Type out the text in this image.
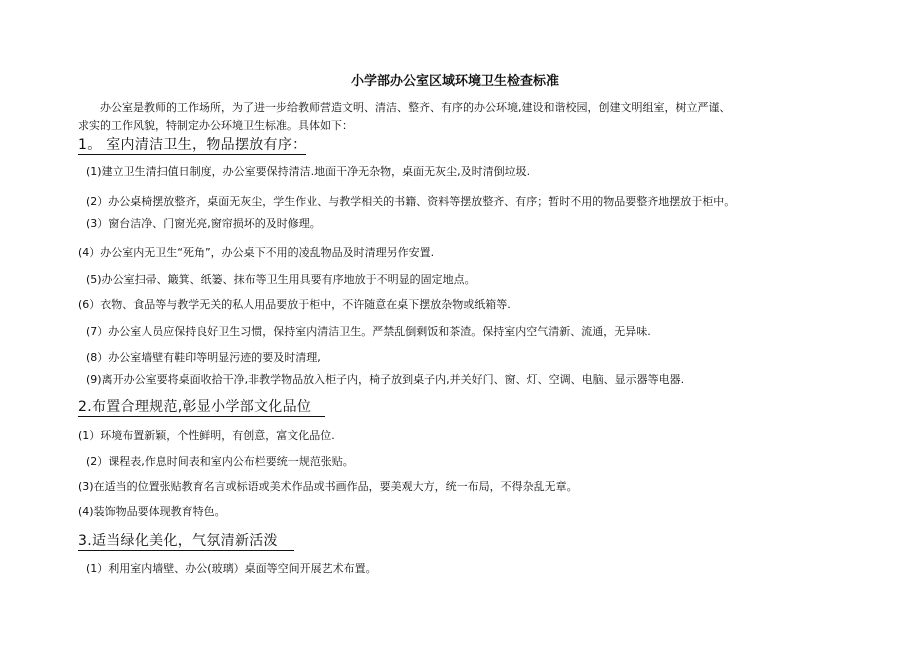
小学部办公室区域环境卫生检查标准
办公室是教师的工作场所，为了进一步给教师营造文明、清洁、整齐、有序的办公环境,建设和谐校园，创建文明组室，树立严谨、
求实的工作风貌，特制定办公环境卫生标准。具体如下：
1。 室内清洁卫生，物品摆放有序：
(1)建立卫生清扫值日制度，办公室要保持清洁.地面干净无杂物，桌面无灰尘,及时清倒垃圾.
(2）办公桌椅摆放整齐，桌面无灰尘，学生作业、与教学相关的书籍、资料等摆放整齐、有序；暂时不用的物品要整齐地摆放于柜中。
(3）窗台洁净、门窗光亮,窗帘损坏的及时修理。
(4）办公室内无卫生“死角”，办公桌下不用的凌乱物品及时清理另作安置.
(5)办公室扫帚、簸箕、纸篓、抹布等卫生用具要有序地放于不明显的固定地点。
(6）衣物、食品等与教学无关的私人用品要放于柜中，不许随意在桌下摆放杂物或纸箱等.
(7）办公室人员应保持良好卫生习惯，保持室内清洁卫生。严禁乱倒剩饭和茶渣。保持室内空气清新、流通，无异味.
(8）办公室墙壁有鞋印等明显污迹的要及时清理,
(9)离开办公室要将桌面收拾干净,非教学物品放入柜子内，椅子放到桌子内,并关好门、窗、灯、空调、电脑、显示器等电器.
2.布置合理规范,彰显小学部文化品位
(1）环境布置新颖，个性鲜明，有创意，富文化品位.
(2）课程表,作息时间表和室内公布栏要统一规范张贴。
(3)在适当的位置张贴教育名言或标语或美术作品或书画作品，要美观大方，统一布局，不得杂乱无章。
(4)装饰物品要体现教育特色。
3.适当绿化美化，气氛清新活泼
(1）利用室内墙壁、办公(玻璃）桌面等空间开展艺术布置。
